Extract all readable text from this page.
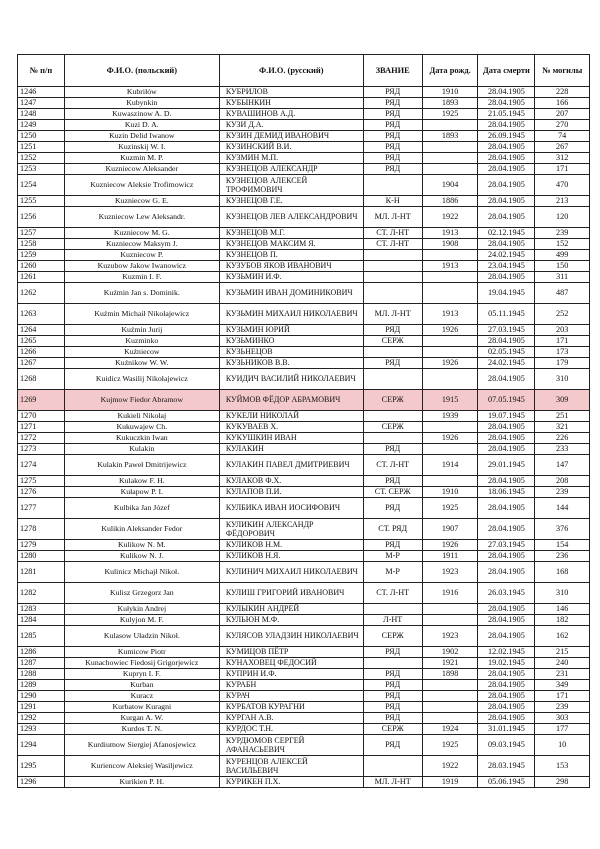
№ п/п	Ф.И.О. (польский)	Ф.И.О. (русский)	ЗВАНИЕ	Дата рожд.	Дата смерти	№ могилы
1246	Kubriłów	КУБРИЛОВ	РЯД	1910	28.04.1905	228
1247	Kubynkin	КУБЫНКИН	РЯД	1893	28.04.1905	166
1248	Kuwaszinow A. D.	КУВАШИНОВ А.Д.	РЯД	1925	21.05.1945	207
1249	Kuzi D. A.	КУЗИ Д.А.	РЯД		28.04.1905	270
1250	Kuzin Delid Iwanow	КУЗИН ДЕМИД ИВАНОВИЧ	РЯД	1893	26.09.1945	74
1251	Kuzinskij W. I.	КУЗИНСКИЙ В.И.	РЯД		28.04.1905	267
1252	Kuzmin M. P.	КУЗМИН М.П.	РЯД		28.04.1905	312
1253	Kuzniecow Aleksander	КУЗНЕЦОВ АЛЕКСАНДР	РЯД		28.04.1905	171
1254	Kuzniecow Aleksie Trofimowicz	КУЗНЕЦОВ АЛЕКСЕЙ ТРОФИМОВИЧ		1904	28.04.1905	470
1255	Kuzniecow G. E.	КУЗНЕЦОВ Г.Е.	К-Н	1886	28.04.1905	213
1256	Kuzniecow Lew Aleksandr.	КУЗНЕЦОВ ЛЕВ АЛЕКСАНДРОВИЧ	МЛ. Л-НТ	1922	28.04.1905	120
1257	Kuzniecow M. G.	КУЗНЕЦОВ М.Г.	СТ. Л-НТ	1913	02.12.1945	239
1258	Kuzniecow Maksym J.	КУЗНЕЦОВ МАКСИМ Я.	СТ. Л-НТ	1908	28.04.1905	152
1259	Kuzniecow P.	КУЗНЕЦОВ П.			24.02.1945	499
1260	Kuzubow Jakow Iwanowicz	КУЗУБОВ ЯКОВ ИВАНОВИЧ		1913	23.04.1945	150
1261	Kuzmin I. F.	КУЗЬМИН И.Ф.			28.04.1905	311
1262	Kuźmin Jan s. Dominik.	КУЗЬМИН ИВАН ДОМИНИКОВИЧ			19.04.1945	487
1263	Kuźmin Michaił Nikołajewicz	КУЗЬМИН МИХАИЛ НИКОЛАЕВИЧ	МЛ. Л-НТ	1913	05.11.1945	252
1264	Kuźmin Jurij	КУЗЬМИН ЮРИЙ	РЯД	1926	27.03.1945	203
1265	Kuzminko	КУЗЬМИНКО	СЕРЖ		28.04.1905	171
1266	Kuźniecow	КУЗЬНЕЦОВ			02.05.1945	173
1267	Kuźnikow W. W.	КУЗЬНИКОВ В.В.	РЯД	1926	24.02.1945	179
1268	Kuidicz Wasilij Nikołajewicz	КУИДИЧ ВАСИЛИЙ НИКОЛАЕВИЧ			28.04.1905	310
1269	Kujmow Fiedor Abramow	КУЙМОВ ФЁДОР АБРАМОВИЧ	СЕРЖ	1915	07.05.1945	309
1270	Kukieli Nikołaj	КУКЕЛИ НИКОЛАЙ		1939	19.07.1945	251
1271	Kukuwajew Ch.	КУКУВАЕВ Х.	СЕРЖ		28.04.1905	321
1272	Kukuczkin Iwan	КУКУШКИН ИВАН		1926	28.04.1905	226
1273	Kulakin	КУЛАКИН	РЯД		28.04.1905	233
1274	Kulakin Paweł Dmitrijewicz	КУЛАКИН ПАВЕЛ ДМИТРИЕВИЧ	СТ. Л-НТ	1914	29.01.1945	147
1275	Kulakow F. H.	КУЛАКОВ Ф.Х.	РЯД		28.04.1905	208
1276	Kułapow P. I.	КУЛАПОВ П.И.	СТ. СЕРЖ	1910	18.06.1945	239
1277	Kulbika Jan Józef	КУЛБИКА ИВАН ИОСИФОВИЧ	РЯД	1925	28.04.1905	144
1278	Kulikin Aleksander Fedor	КУЛИКИН АЛЕКСАНДР ФЁДОРОВИЧ	СТ. РЯД	1907	28.04.1905	376
1279	Kulikow N. M.	КУЛИКОВ Н.М.	РЯД	1926	27.03.1945	154
1280	Kulikow N. J.	КУЛИКОВ Н.Я.	М-Р	1911	28.04.1905	236
1281	Kulinicz Michajł Nikoł.	КУЛИНИЧ МИХАИЛ НИКОЛАЕВИЧ	М-Р	1923	28.04.1905	168
1282	Kulisz Grzegorz Jan	КУЛИШ ГРИГОРИЙ ИВАНОВИЧ	СТ. Л-НТ	1916	26.03.1945	310
1283	Kułykin Andrej	КУЛЫКИН АНДРЕЙ			28.04.1905	146
1284	Kulyjon M. F.	КУЛЬЮН М.Ф.	Л-НТ		28.04.1905	182
1285	Kulasow Uładzin Nikoł.	КУЛЯСОВ УЛАДЗИН НИКОЛАЕВИЧ	СЕРЖ	1923	28.04.1905	162
1286	Kumicow Piotr	КУМИЦОВ ПЁТР	РЯД	1902	12.02.1945	215
1287	Kunachowiec Fiedosij Grigorjewicz	КУНАХОВЕЦ ФЕДОСИЙ		1921	19.02.1945	240
1288	Kupryn I. F.	КУПРИН И.Ф.	РЯД	1898	28.04.1905	231
1289	Kurban	КУРАБН	РЯД		28.04.1905	349
1290	Kuracz	КУРАЧ	РЯД		28.04.1905	171
1291	Kurbatow Kuragni	КУРБАТОВ КУРАГНИ	РЯД		28.04.1905	239
1292	Kurgan A. W.	КУРГАН А.В.	РЯД		28.04.1905	303
1293	Kurdos T. N.	КУРДОС Т.Н.	СЕРЖ	1924	31.01.1945	177
1294	Kurdiumow Siergiej Afanosjewicz	КУРДЮМОВ СЕРГЕЙ АФАНАСЬЕВИЧ	РЯД	1925	09.03.1945	10
1295	Kuriencow Aleksiej Wasiljewicz	КУРЕНЦОВ АЛЕКСЕЙ ВАСИЛЬЕВИЧ		1922	28.03.1945	153
1296	Kurikien P. H.	КУРИКЕН П.Х.	МЛ. Л-НТ	1919	05.06.1945	298
